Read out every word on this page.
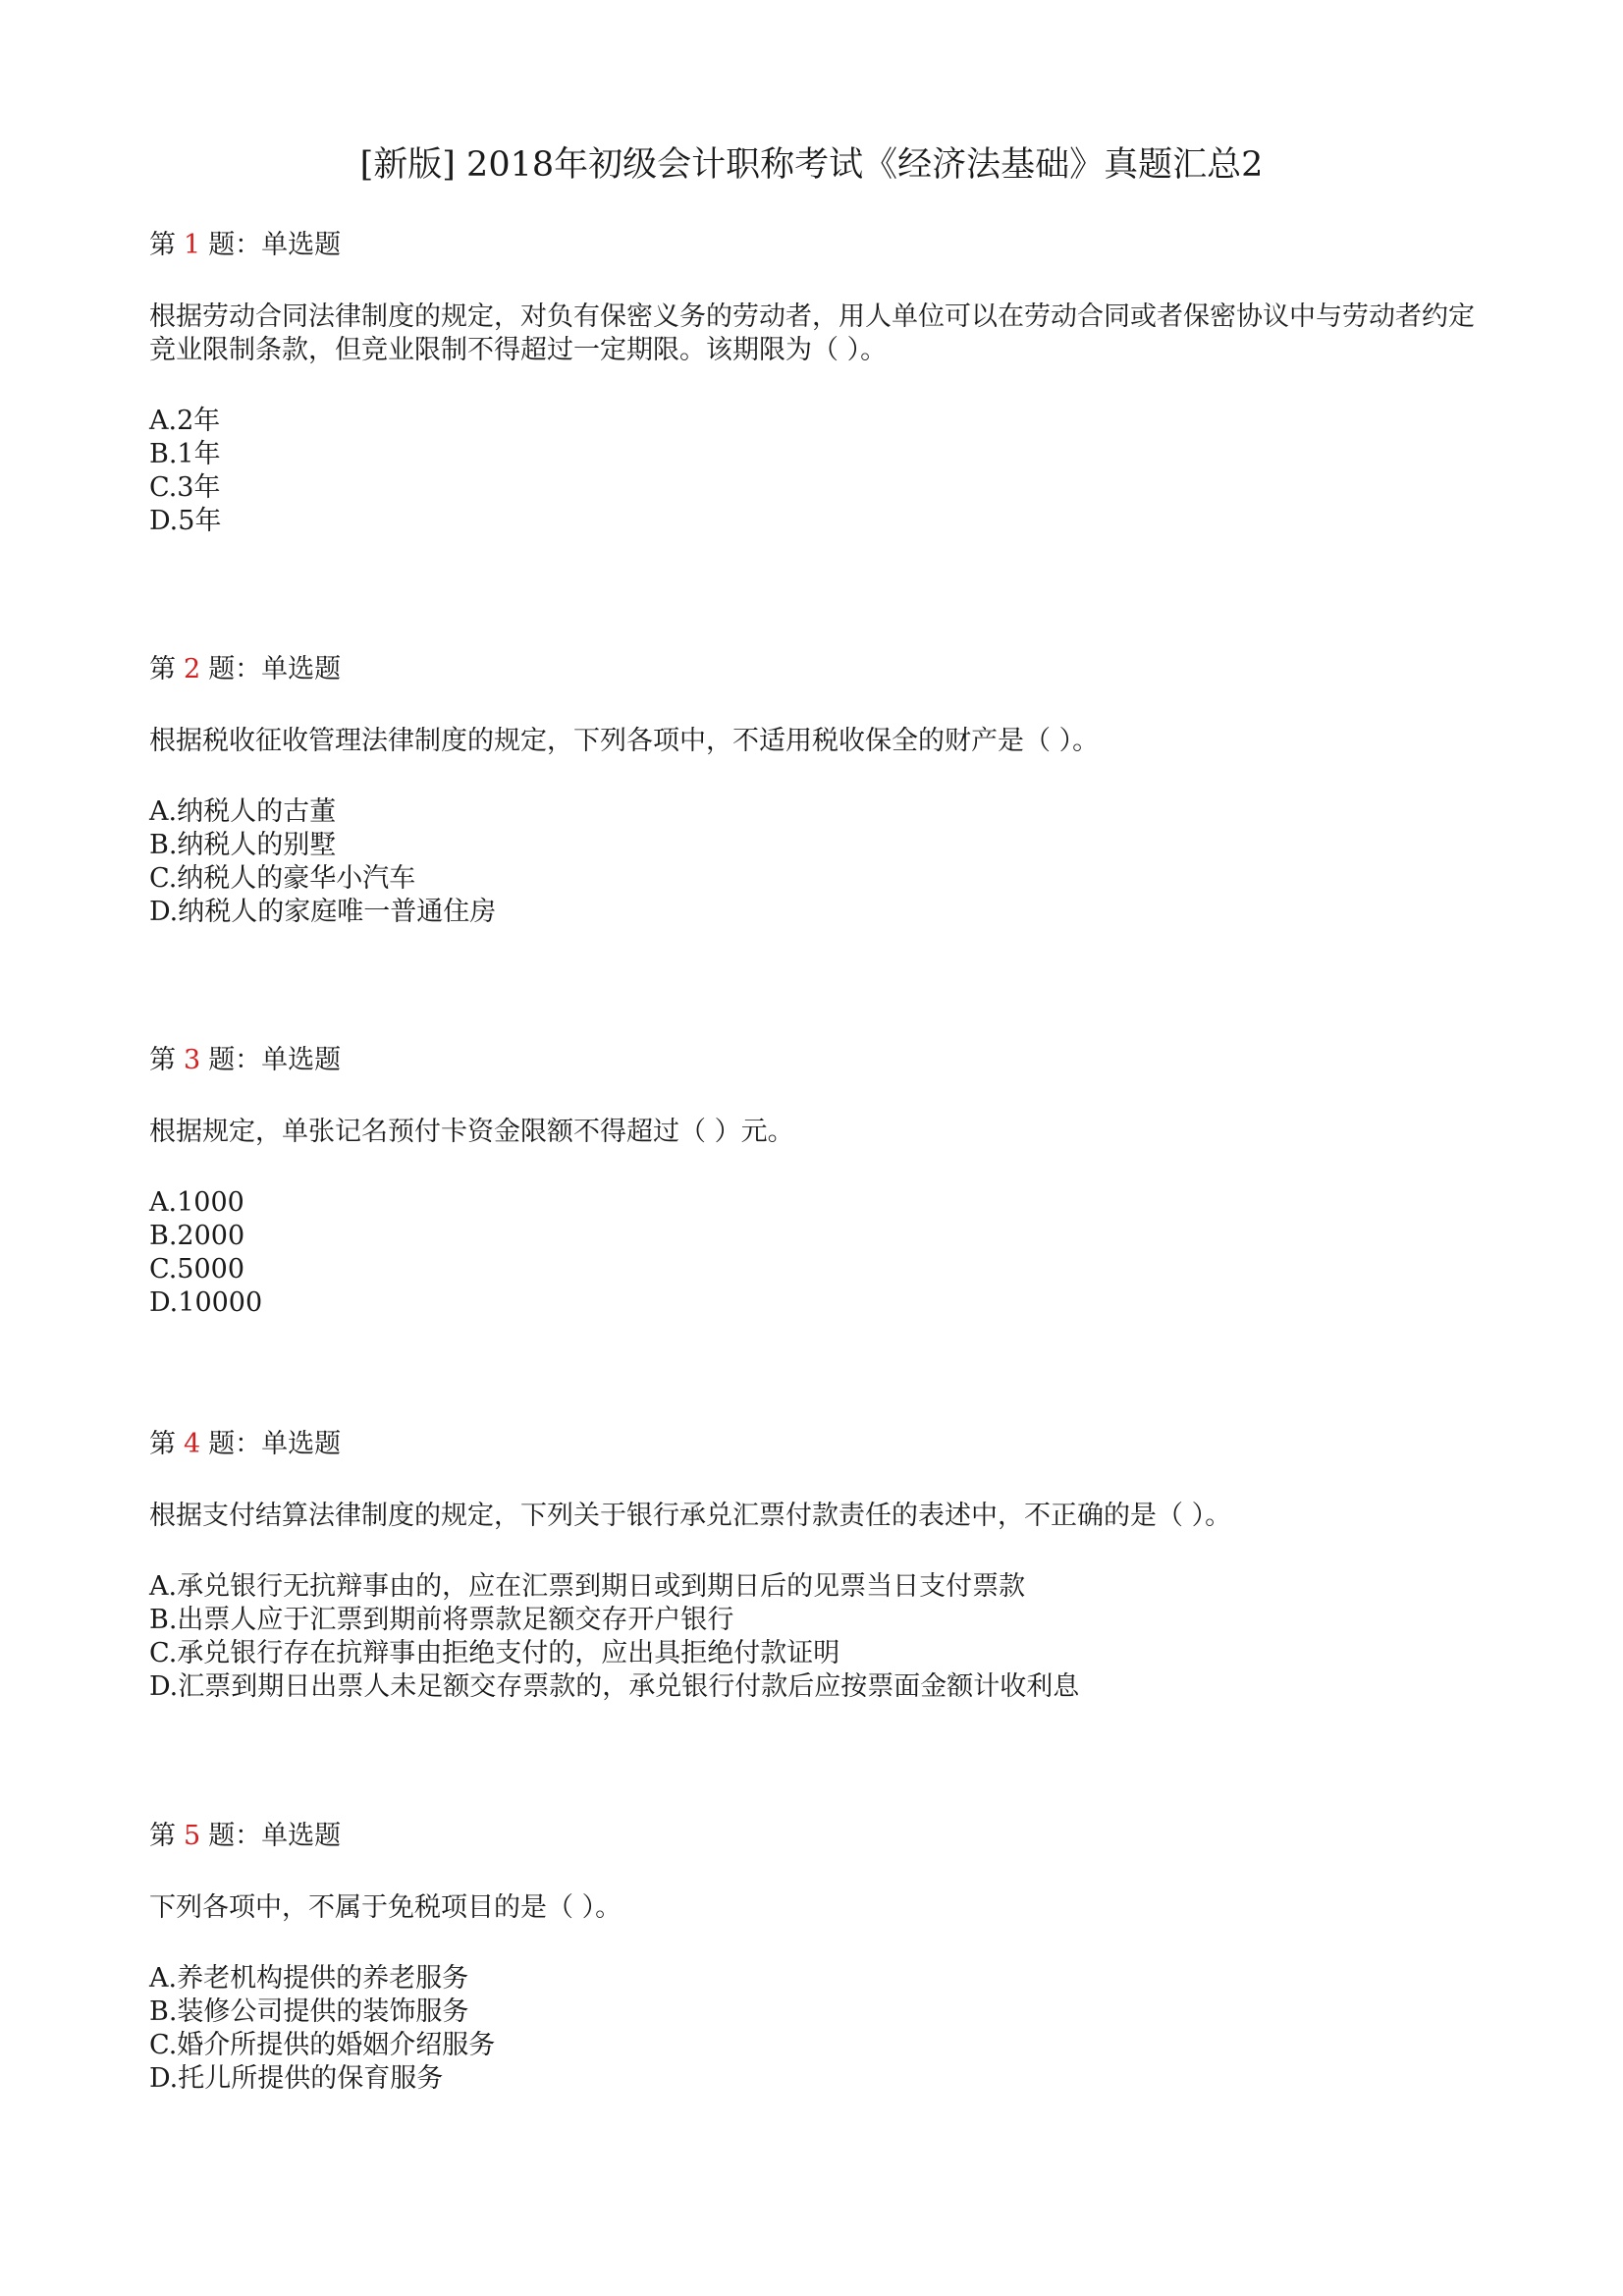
[新版] 2018年初级会计职称考试《经济法基础》真题汇总2
第 1 题：单选题
根据劳动合同法律制度的规定，对负有保密义务的劳动者，用人单位可以在劳动合同或者保密协议中与劳动者约定竞业限制条款，但竞业限制不得超过一定期限。该期限为（ ）。
A.2年
B.1年
C.3年
D.5年
第 2 题：单选题
根据税收征收管理法律制度的规定，下列各项中，不适用税收保全的财产是（ ）。
A.纳税人的古董
B.纳税人的别墅
C.纳税人的豪华小汽车
D.纳税人的家庭唯一普通住房
第 3 题：单选题
根据规定，单张记名预付卡资金限额不得超过（ ）元。
A.1000
B.2000
C.5000
D.10000
第 4 题：单选题
根据支付结算法律制度的规定，下列关于银行承兑汇票付款责任的表述中，不正确的是（ ）。
A.承兑银行无抗辩事由的，应在汇票到期日或到期日后的见票当日支付票款
B.出票人应于汇票到期前将票款足额交存开户银行
C.承兑银行存在抗辩事由拒绝支付的，应出具拒绝付款证明
D.汇票到期日出票人未足额交存票款的，承兑银行付款后应按票面金额计收利息
第 5 题：单选题
下列各项中，不属于免税项目的是（ ）。
A.养老机构提供的养老服务
B.装修公司提供的装饰服务
C.婚介所提供的婚姻介绍服务
D.托儿所提供的保育服务
